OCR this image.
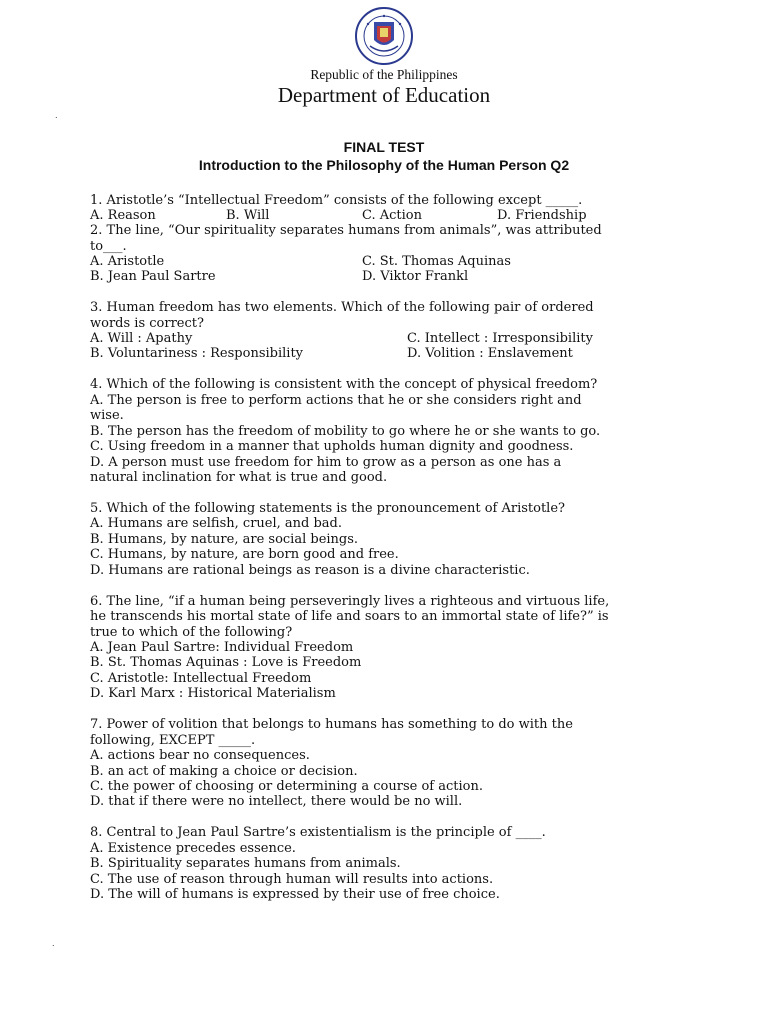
Republic of the Philippines
Department of Education
.
.
FINAL TEST
Introduction to the Philosophy of the Human Person Q2
1. Aristotle’s “Intellectual Freedom” consists of the following except _____.
A. Reason	B. Will	C. Action	D. Friendship
2. The line, “Our spirituality separates humans from animals”, was attributed
to___.
A. Aristotle	C. St. Thomas Aquinas
B. Jean Paul Sartre	D. Viktor Frankl
3. Human freedom has two elements. Which of the following pair of ordered
words is correct?
A. Will : Apathy	C. Intellect : Irresponsibility
B. Voluntariness : Responsibility	D. Volition : Enslavement
4. Which of the following is consistent with the concept of physical freedom?
A. The person is free to perform actions that he or she considers right and
wise.
B. The person has the freedom of mobility to go where he or she wants to go.
C. Using freedom in a manner that upholds human dignity and goodness.
D. A person must use freedom for him to grow as a person as one has a
natural inclination for what is true and good.
5. Which of the following statements is the pronouncement of Aristotle?
A. Humans are selfish, cruel, and bad.
B. Humans, by nature, are social beings.
C. Humans, by nature, are born good and free.
D. Humans are rational beings as reason is a divine characteristic.
6. The line, “if a human being perseveringly lives a righteous and virtuous life,
he transcends his mortal state of life and soars to an immortal state of life?” is
true to which of the following?
A. Jean Paul Sartre: Individual Freedom
B. St. Thomas Aquinas : Love is Freedom
C. Aristotle: Intellectual Freedom
D. Karl Marx : Historical Materialism
7. Power of volition that belongs to humans has something to do with the
following, EXCEPT _____.
A. actions bear no consequences.
B. an act of making a choice or decision.
C. the power of choosing or determining a course of action.
D. that if there were no intellect, there would be no will.
8. Central to Jean Paul Sartre’s existentialism is the principle of ____.
A. Existence precedes essence.
B. Spirituality separates humans from animals.
C. The use of reason through human will results into actions.
D. The will of humans is expressed by their use of free choice.
